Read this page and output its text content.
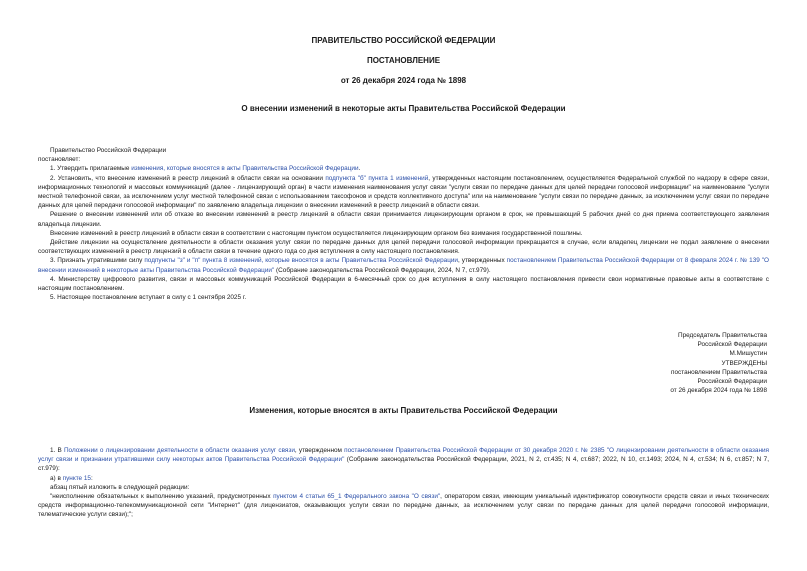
ПРАВИТЕЛЬСТВО РОССИЙСКОЙ ФЕДЕРАЦИИ
ПОСТАНОВЛЕНИЕ
от 26 декабря 2024 года № 1898
О внесении изменений в некоторые акты Правительства Российской Федерации

Правительство Российской Федерации

постановляет:

1. Утвердить прилагаемые изменения, которые вносятся в акты Правительства Российской Федерации.

2. Установить, что внесение изменений в реестр лицензий в области связи на основании подпункта "б" пункта 1 изменений, утвержденных настоящим постановлением, осуществляется Федеральной службой по надзору в сфере связи, информационных технологий и массовых коммуникаций (далее - лицензирующий орган) в части изменения наименования услуг связи "услуги связи по передаче данных для целей передачи голосовой информации" на наименование "услуги местной телефонной связи, за исключением услуг местной телефонной связи с использованием таксофонов и средств коллективного доступа" или на наименование "услуги связи по передаче данных, за исключением услуг связи по передаче данных для целей передачи голосовой информации" по заявлению владельца лицензии о внесении изменений в реестр лицензий в области связи.

Решение о внесении изменений или об отказе во внесении изменений в реестр лицензий в области связи принимается лицензирующим органом в срок, не превышающий 5 рабочих дней со дня приема соответствующего заявления владельца лицензии.

Внесение изменений в реестр лицензий в области связи в соответствии с настоящим пунктом осуществляется лицензирующим органом без взимания государственной пошлины.

Действие лицензии на осуществление деятельности в области оказания услуг связи по передаче данных для целей передачи голосовой информации прекращается в случае, если владелец лицензии не подал заявление о внесении соответствующих изменений в реестр лицензий в области связи в течение одного года со дня вступления в силу настоящего постановления.

3. Признать утратившими силу подпункты "з" и "п" пункта 8 изменений, которые вносятся в акты Правительства Российской Федерации, утвержденных постановлением Правительства Российской Федерации от 8 февраля 2024 г. № 139 "О внесении изменений в некоторые акты Правительства Российской Федерации" (Собрание законодательства Российской Федерации, 2024, N 7, ст.979).

4. Министерству цифрового развития, связи и массовых коммуникаций Российской Федерации в 6-месячный срок со дня вступления в силу настоящего постановления привести свои нормативные правовые акты в соответствие с настоящим постановлением.

5. Настоящее постановление вступает в силу с 1 сентября 2025 г.

Председатель Правительства
Российской Федерации
М.Мишустин
УТВЕРЖДЕНЫ
постановлением Правительства
Российской Федерации
от 26 декабря 2024 года № 1898
Изменения, которые вносятся в акты Правительства Российской Федерации

1. В Положении о лицензировании деятельности в области оказания услуг связи, утвержденном постановлением Правительства Российской Федерации от 30 декабря 2020 г. № 2385 "О лицензировании деятельности в области оказания услуг связи и признании утратившими силу некоторых актов Правительства Российской Федерации" (Собрание законодательства Российской Федерации, 2021, N 2, ст.435; N 4, ст.687; 2022, N 10, ст.1493; 2024, N 4, ст.534; N 6, ст.857; N 7, ст.979):

а) в пункте 15:

абзац пятый изложить в следующей редакции:

"неисполнение обязательных к выполнению указаний, предусмотренных пунктом 4 статьи 65_1 Федерального закона "О связи", оператором связи, имеющим уникальный идентификатор совокупности средств связи и иных технических средств информационно-телекоммуникационной сети "Интернет" (для лицензиатов, оказывающих услуги связи по передаче данных, за исключением услуг связи по передаче данных для целей передачи голосовой информации, телематические услуги связи);";
